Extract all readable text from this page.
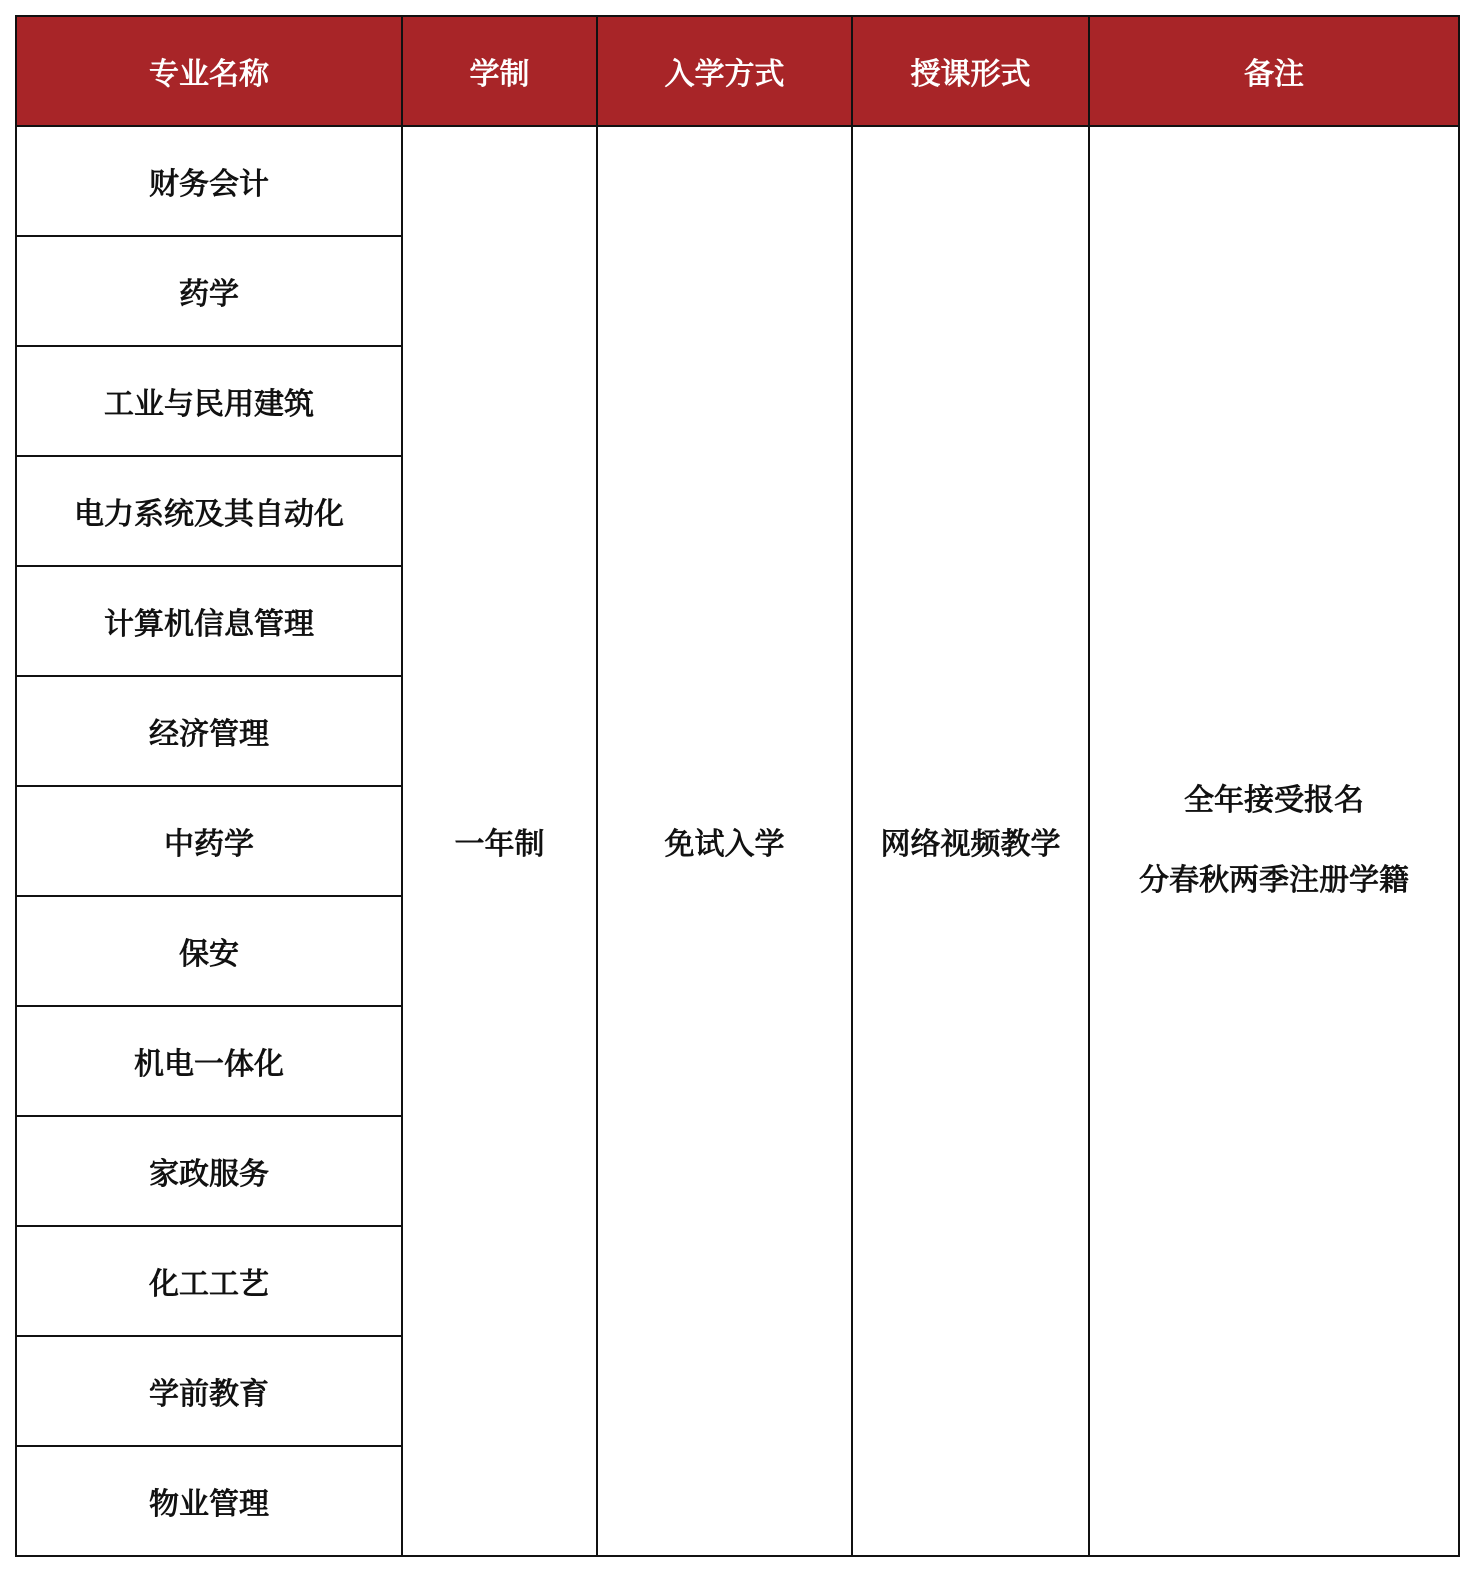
专业名称	学制	入学方式	授课形式	备注
财务会计	一年制	免试入学	网络视频教学	全年接受报名
分春秋两季注册学籍

药学				
工业与民用建筑				
电力系统及其自动化				
计算机信息管理				
经济管理				
中药学				
保安				
机电一体化				
家政服务				
化工工艺				
学前教育				
物业管理				
